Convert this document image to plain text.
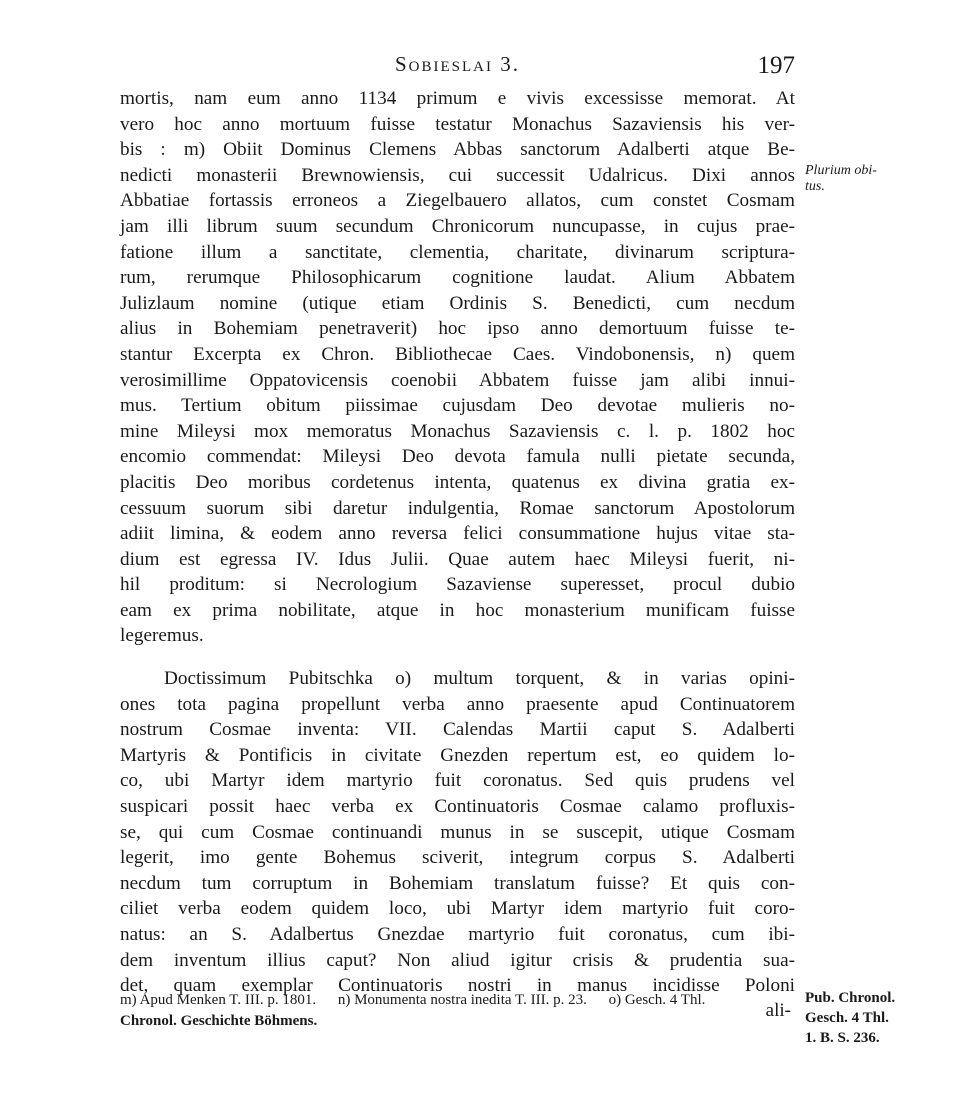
Sobieslai 3.	197
mortis, nam eum anno 1134 primum e vivis excessisse memorat. At
vero hoc anno mortuum fuisse testatur Monachus Sazaviensis his ver-
bis : m) Obiit Dominus Clemens Abbas sanctorum Adalberti atque Be-
nedicti monasterii Brewnowiensis, cui successit Udalricus. Dixi annos
Abbatiae fortassis erroneos a Ziegelbauero allatos, cum constet Cosmam
jam illi librum suum secundum Chronicorum nuncupasse, in cujus prae-
fatione illum a sanctitate, clementia, charitate, divinarum scriptura-
rum, rerumque Philosophicarum cognitione laudat. Alium Abbatem
Julizlaum nomine (utique etiam Ordinis S. Benedicti, cum necdum
alius in Bohemiam penetraverit) hoc ipso anno demortuum fuisse te-
stantur Excerpta ex Chron. Bibliothecae Caes. Vindobonensis, n) quem
verosimillime Oppatovicensis coenobii Abbatem fuisse jam alibi innui-
mus. Tertium obitum piissimae cujusdam Deo devotae mulieris no-
mine Mileysi mox memoratus Monachus Sazaviensis c. l. p. 1802 hoc
encomio commendat: Mileysi Deo devota famula nulli pietate secunda,
placitis Deo moribus cordetenus intenta, quatenus ex divina gratia ex-
cessuum suorum sibi daretur indulgentia, Romae sanctorum Apostolorum
adiit limina, & eodem anno reversa felici consummatione hujus vitae sta-
dium est egressa IV. Idus Julii. Quae autem haec Mileysi fuerit, ni-
hil proditum: si Necrologium Sazaviense superesset, procul dubio
eam ex prima nobilitate, atque in hoc monasterium munificam fuisse
legeremus.
Doctissimum Pubitschka o) multum torquent, & in varias opini-
ones tota pagina propellunt verba anno praesente apud Continuatorem
nostrum Cosmae inventa: VII. Calendas Martii caput S. Adalberti
Martyris & Pontificis in civitate Gnezden repertum est, eo quidem lo-
co, ubi Martyr idem martyrio fuit coronatus. Sed quis prudens vel
suspicari possit haec verba ex Continuatoris Cosmae calamo profluxis-
se, qui cum Cosmae continuandi munus in se suscepit, utique Cosmam
legerit, imo gente Bohemus sciverit, integrum corpus S. Adalberti
necdum tum corruptum in Bohemiam translatum fuisse? Et quis con-
ciliet verba eodem quidem loco, ubi Martyr idem martyrio fuit coro-
natus: an S. Adalbertus Gnezdae martyrio fuit coronatus, cum ibi-
dem inventum illius caput? Non aliud igitur crisis & prudentia sua-
det, quam exemplar Continuatoris nostri in manus incidisse Poloni
ali-
Plurium obi-
tus.
Pub. Chronol.
Gesch. 4 Thl.
1. B. S. 236.
m) Apud Menken T. III. p. 1801. n) Monumenta nostra inedita T. III. p. 23. o) Gesch. 4 Thl.
Chronol. Geschichte Böhmens.
